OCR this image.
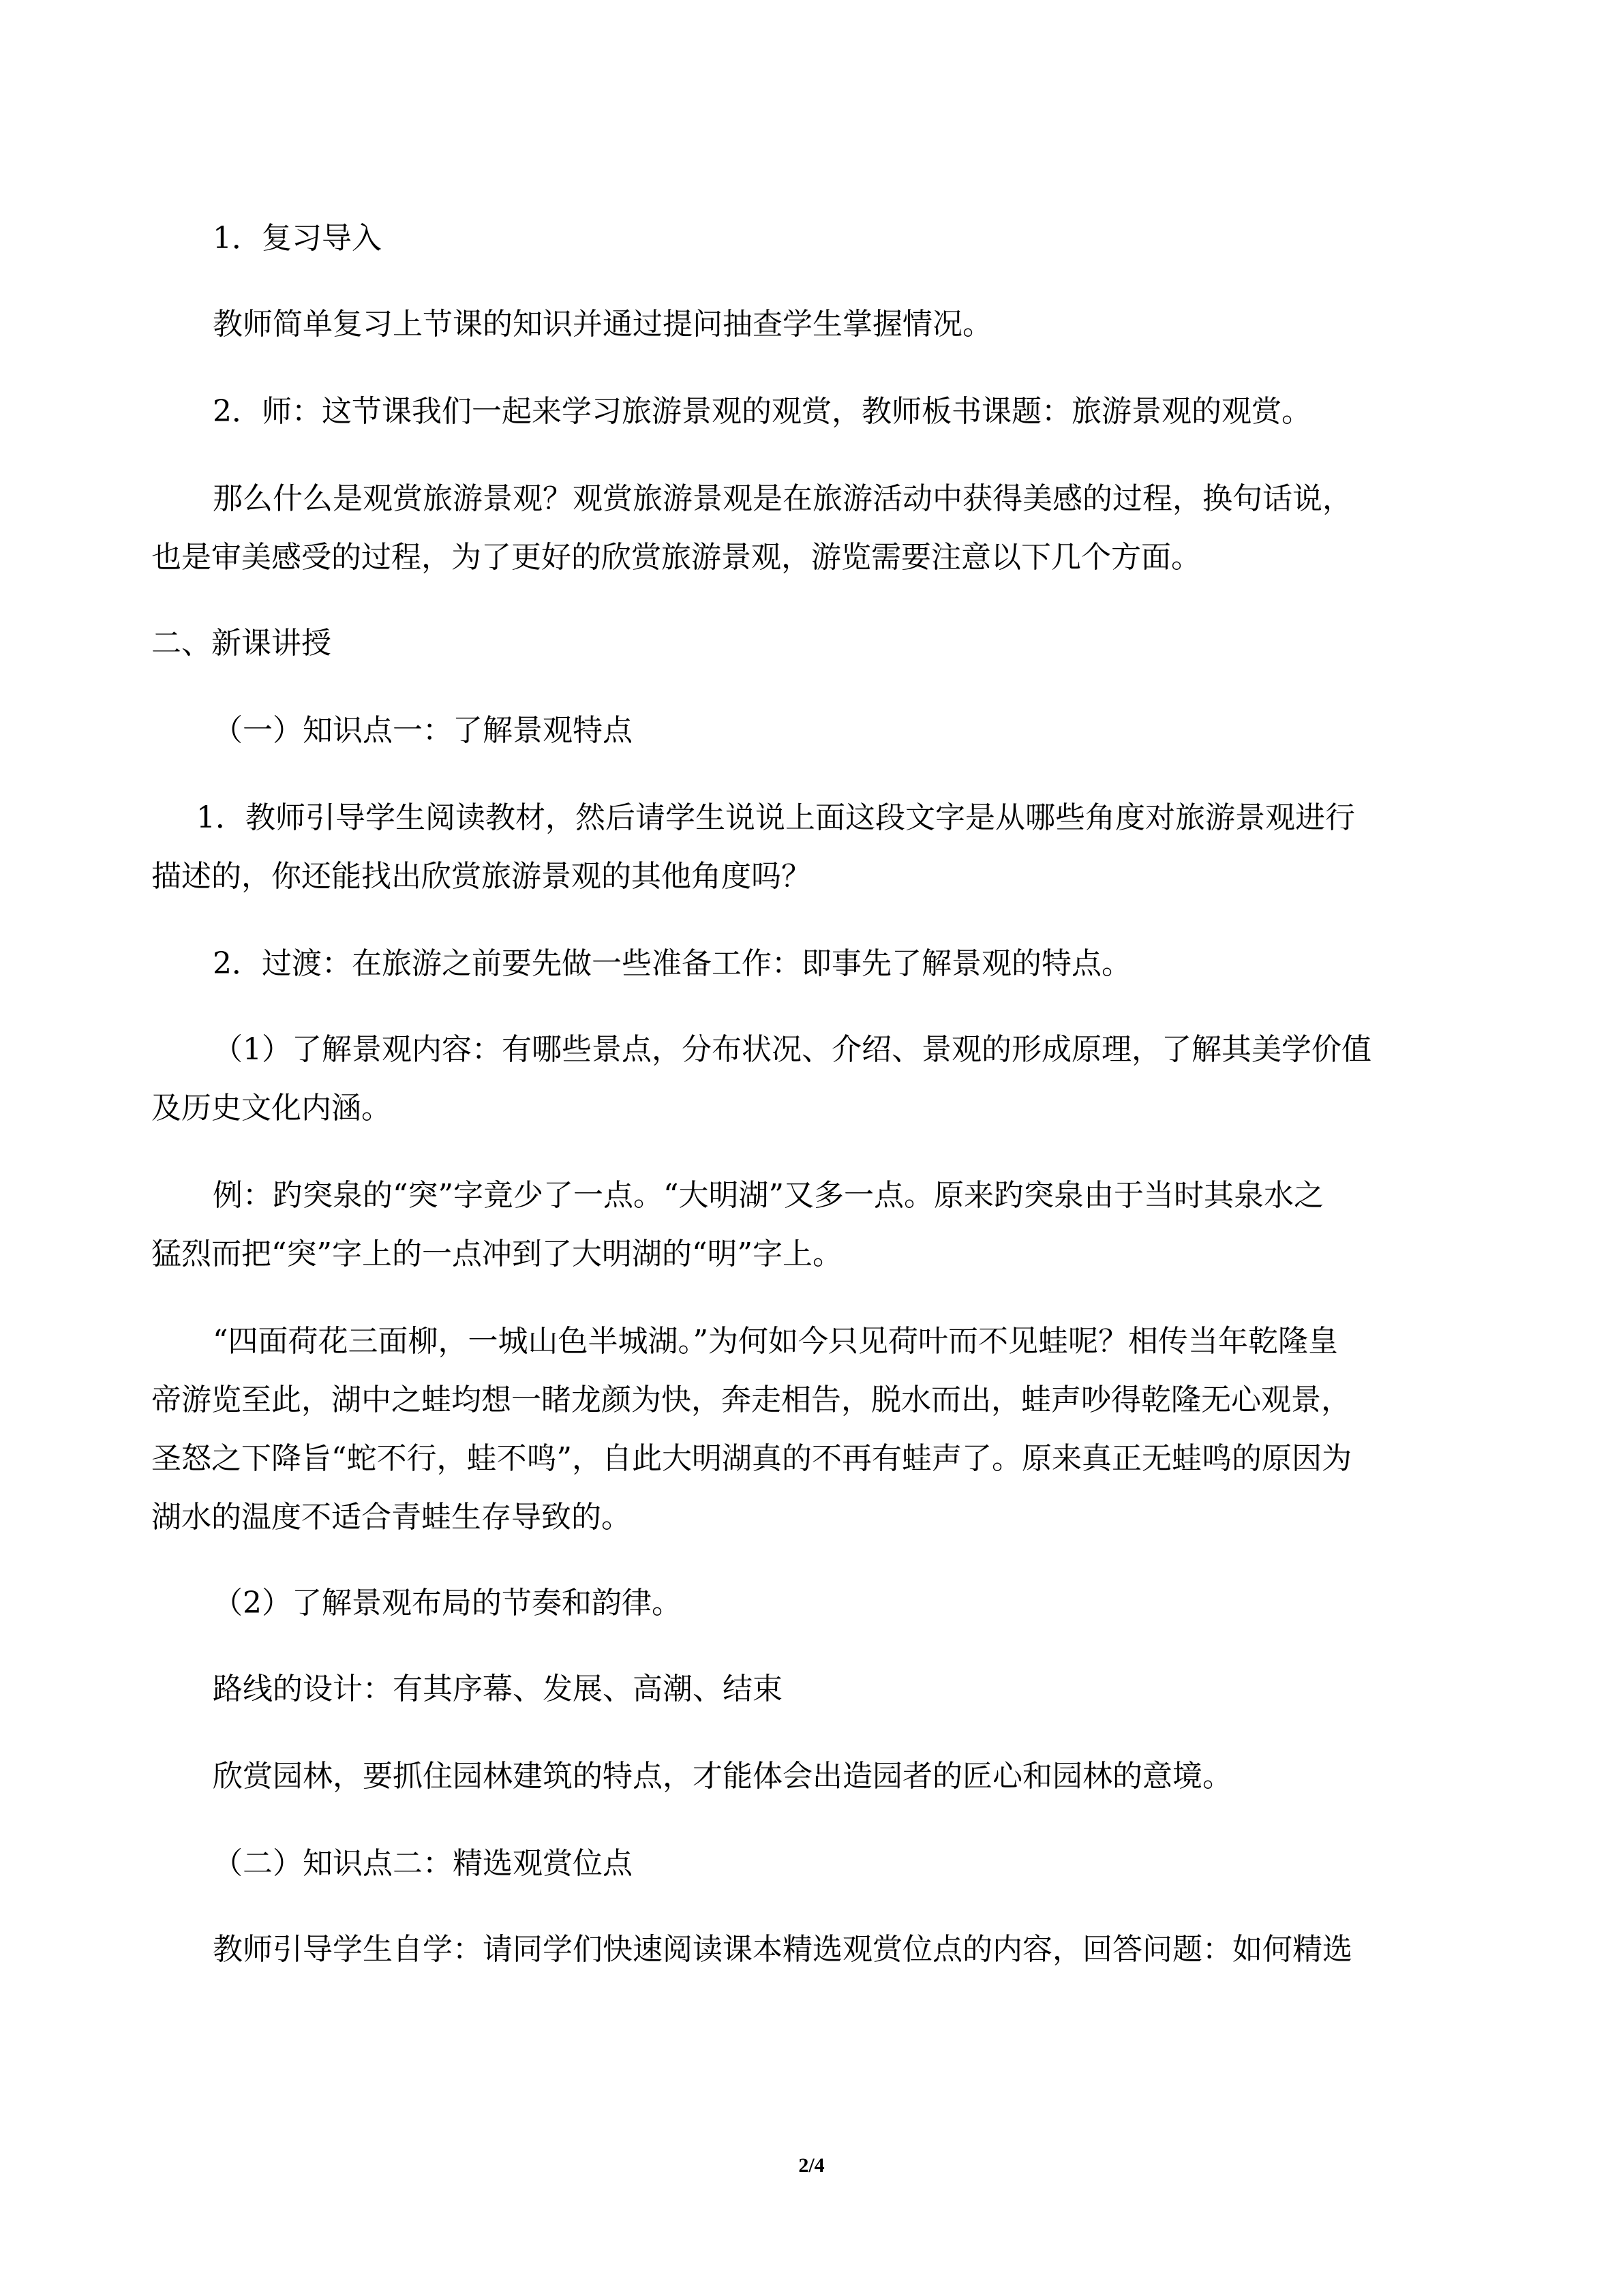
1．复习导入
教师简单复习上节课的知识并通过提问抽查学生掌握情况。
2．师：这节课我们一起来学习旅游景观的观赏，教师板书课题：旅游景观的观赏。
那么什么是观赏旅游景观？观赏旅游景观是在旅游活动中获得美感的过程，换句话说，
也是审美感受的过程，为了更好的欣赏旅游景观，游览需要注意以下几个方面。
二、新课讲授
（一）知识点一：了解景观特点
1．教师引导学生阅读教材，然后请学生说说上面这段文字是从哪些角度对旅游景观进行
描述的，你还能找出欣赏旅游景观的其他角度吗？
2．过渡：在旅游之前要先做一些准备工作：即事先了解景观的特点。
（1）了解景观内容：有哪些景点，分布状况、介绍、景观的形成原理，了解其美学价值
及历史文化内涵。
例：趵突泉的“突”字竟少了一点。“大明湖”又多一点。原来趵突泉由于当时其泉水之
猛烈而把“突”字上的一点冲到了大明湖的“明”字上。
“四面荷花三面柳，一城山色半城湖。”为何如今只见荷叶而不见蛙呢？相传当年乾隆皇
帝游览至此，湖中之蛙均想一睹龙颜为快，奔走相告，脱水而出，蛙声吵得乾隆无心观景，
圣怒之下降旨“蛇不行，蛙不鸣”，自此大明湖真的不再有蛙声了。原来真正无蛙鸣的原因为
湖水的温度不适合青蛙生存导致的。
（2）了解景观布局的节奏和韵律。
路线的设计：有其序幕、发展、高潮、结束
欣赏园林，要抓住园林建筑的特点，才能体会出造园者的匠心和园林的意境。
（二）知识点二：精选观赏位点
教师引导学生自学：请同学们快速阅读课本精选观赏位点的内容，回答问题：如何精选
2/4
